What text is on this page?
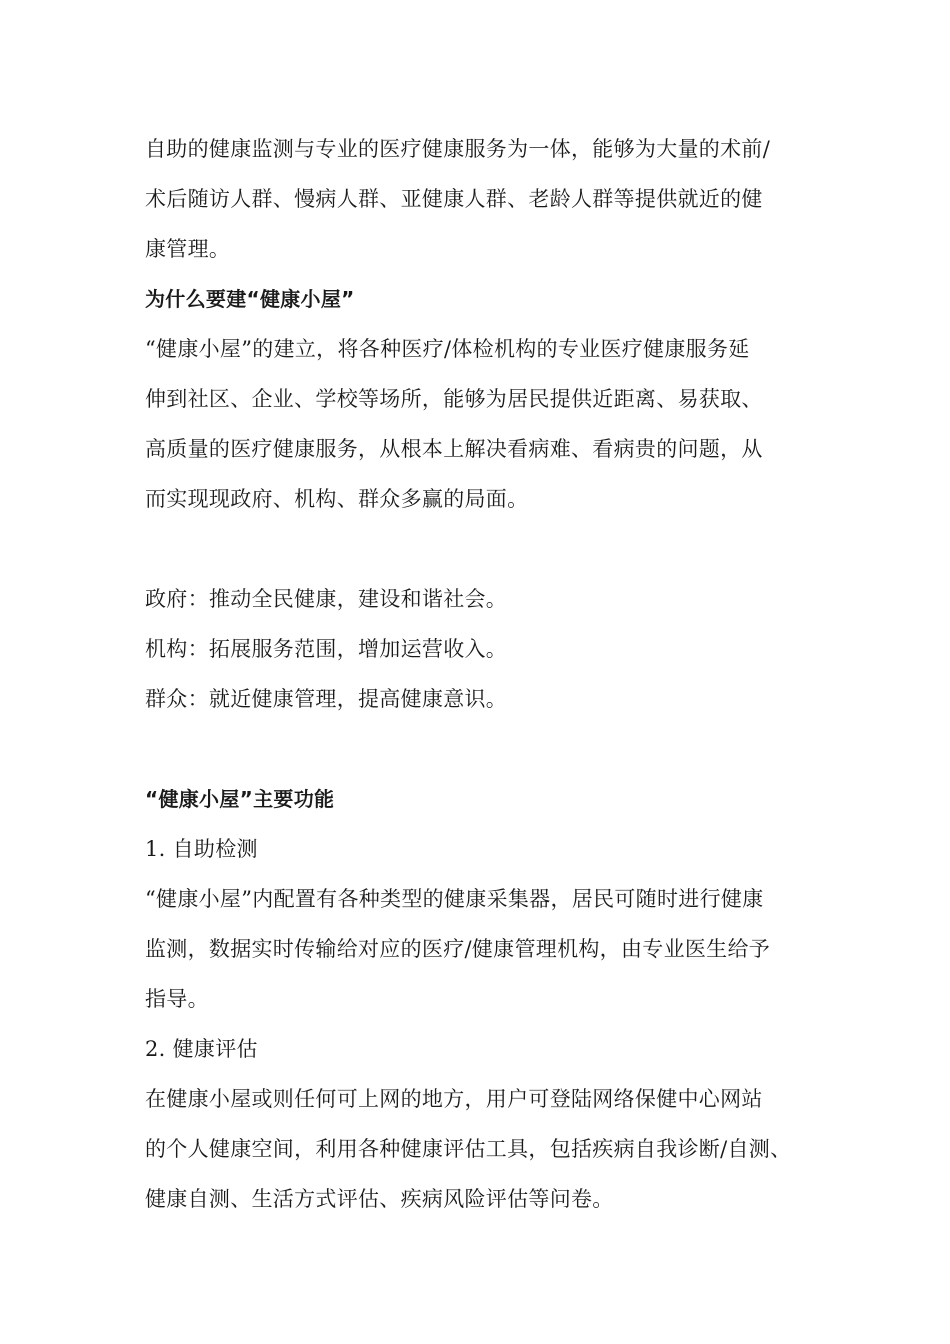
自助的健康监测与专业的医疗健康服务为一体，能够为大量的术前/
术后随访人群、慢病人群、亚健康人群、老龄人群等提供就近的健
康管理。
为什么要建“健康小屋”
“健康小屋”的建立，将各种医疗/体检机构的专业医疗健康服务延
伸到社区、企业、学校等场所，能够为居民提供近距离、易获取、
高质量的医疗健康服务，从根本上解决看病难、看病贵的问题，从
而实现现政府、机构、群众多赢的局面。
政府：推动全民健康，建设和谐社会。
机构：拓展服务范围，增加运营收入。
群众：就近健康管理，提高健康意识。
“健康小屋”主要功能
1. 自助检测
“健康小屋”内配置有各种类型的健康采集器，居民可随时进行健康
监测，数据实时传输给对应的医疗/健康管理机构，由专业医生给予
指导。
2. 健康评估
在健康小屋或则任何可上网的地方，用户可登陆网络保健中心网站
的个人健康空间，利用各种健康评估工具，包括疾病自我诊断/自测、
健康自测、生活方式评估、疾病风险评估等问卷。
